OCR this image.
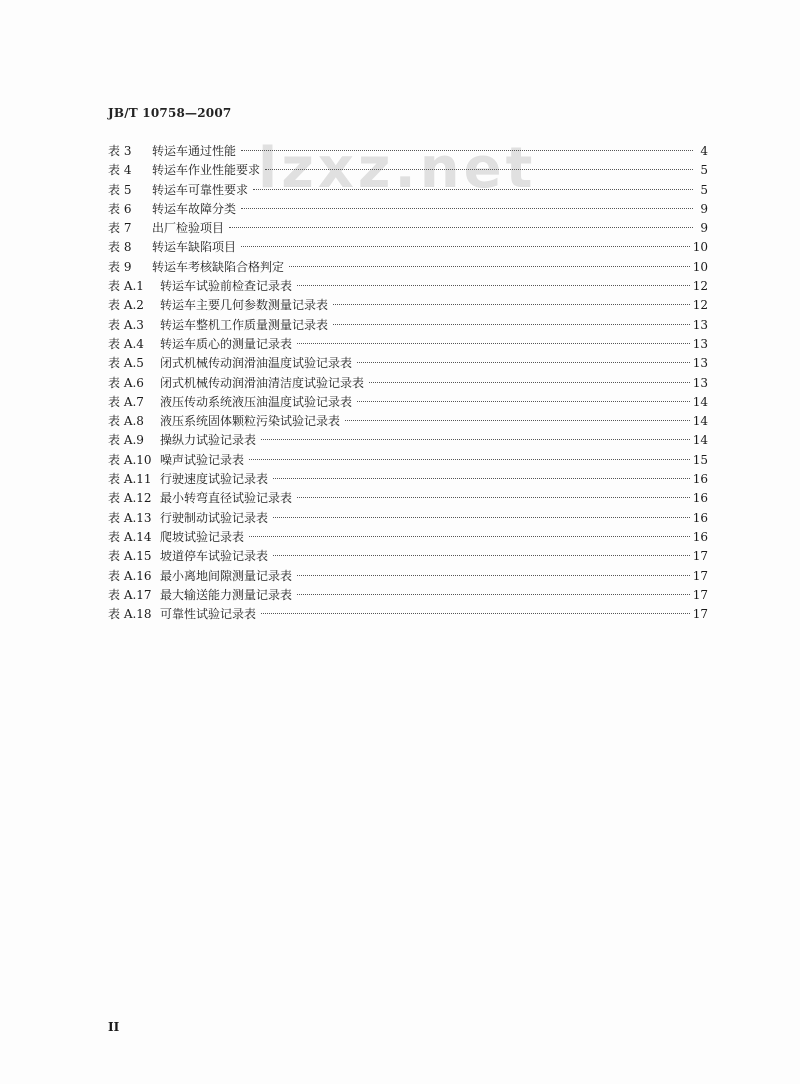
JB/T 10758—2007
lzxz.net
表 3	转运车通过性能	4
表 4	转运车作业性能要求	5
表 5	转运车可靠性要求	5
表 6	转运车故障分类	9
表 7	出厂检验项目	9
表 8	转运车缺陷项目	10
表 9	转运车考核缺陷合格判定	10
表 A.1	转运车试验前检查记录表	12
表 A.2	转运车主要几何参数测量记录表	12
表 A.3	转运车整机工作质量测量记录表	13
表 A.4	转运车质心的测量记录表	13
表 A.5	闭式机械传动润滑油温度试验记录表	13
表 A.6	闭式机械传动润滑油清洁度试验记录表	13
表 A.7	液压传动系统液压油温度试验记录表	14
表 A.8	液压系统固体颗粒污染试验记录表	14
表 A.9	操纵力试验记录表	14
表 A.10 噪声试验记录表	15
表 A.11 行驶速度试验记录表	16
表 A.12 最小转弯直径试验记录表	16
表 A.13 行驶制动试验记录表	16
表 A.14 爬坡试验记录表	16
表 A.15 坡道停车试验记录表	17
表 A.16 最小离地间隙测量记录表	17
表 A.17 最大输送能力测量记录表	17
表 A.18 可靠性试验记录表	17
II
